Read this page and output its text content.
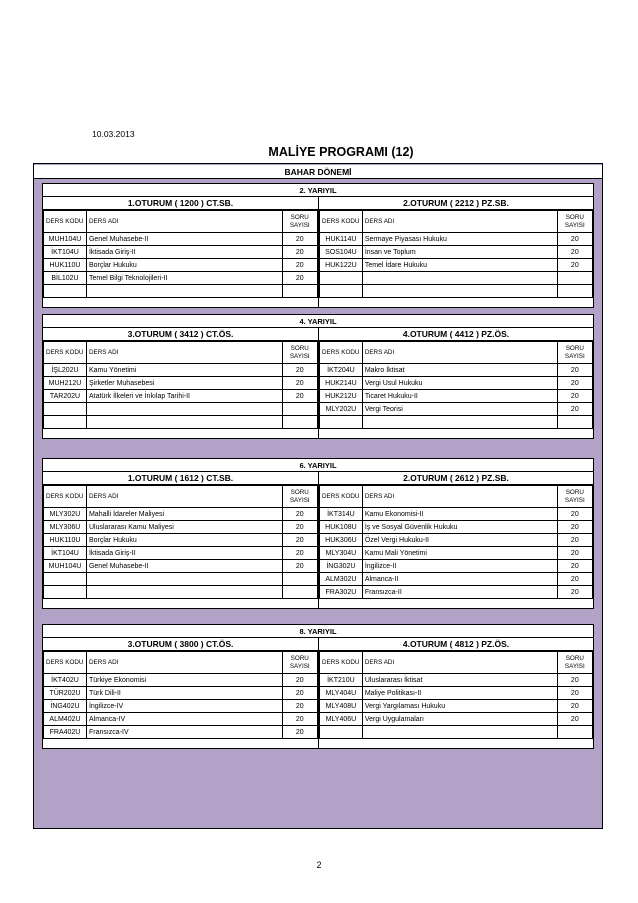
10.03.2013
MALİYE PROGRAMI (12)
BAHAR DÖNEMİ
2. YARIYIL
1.OTURUM ( 1200 ) CT.SB.
DERS KODU	DERS ADI	SORU
SAYISI

MUH104U	Genel Muhasebe-II	20
İKT104U	İktisada Giriş-II	20
HUK110U	Borçlar Hukuku	20
BİL102U	Temel Bilgi Teknolojileri-II	20

2.OTURUM ( 2212 ) PZ.SB.
DERS KODU	DERS ADI	SORU
SAYISI

HUK114U	Sermaye Piyasası Hukuku	20
SOS104U	İnsan ve Toplum	20
HUK122U	Temel İdare Hukuku	20

4. YARIYIL
3.OTURUM ( 3412 ) CT.ÖS.
DERS KODU	DERS ADI	SORU
SAYISI

İŞL202U	Kamu Yönetimi	20
MUH212U	Şirketler Muhasebesi	20
TAR202U	Atatürk İlkeleri ve İnkılap Tarihi-II	20

4.OTURUM ( 4412 ) PZ.ÖS.
DERS KODU	DERS ADI	SORU
SAYISI

İKT204U	Makro İktisat	20
HUK214U	Vergi Usul Hukuku	20
HUK212U	Ticaret Hukuku-II	20
MLY202U	Vergi Teorisi	20

6. YARIYIL
1.OTURUM ( 1612 ) CT.SB.
DERS KODU	DERS ADI	SORU
SAYISI

MLY302U	Mahalli İdareler Maliyesi	20
MLY306U	Uluslararası Kamu Maliyesi	20
HUK110U	Borçlar Hukuku	20
İKT104U	İktisada Giriş-II	20
MUH104U	Genel Muhasebe-II	20

2.OTURUM ( 2612 ) PZ.SB.
DERS KODU	DERS ADI	SORU
SAYISI

İKT314U	Kamu Ekonomisi-II	20
HUK108U	İş ve Sosyal Güvenlik Hukuku	20
HUK306U	Özel Vergi Hukuku-II	20
MLY304U	Kamu Mali Yönetimi	20
İNG302U	İngilizce-II	20
ALM302U	Almanca-II	20
FRA302U	Fransızca-II	20
8. YARIYIL
3.OTURUM ( 3800 ) CT.ÖS.
DERS KODU	DERS ADI	SORU
SAYISI

İKT402U	Türkiye Ekonomisi	20
TÜR202U	Türk Dili-II	20
İNG402U	İngilizce-IV	20
ALM402U	Almanca-IV	20
FRA402U	Fransızca-IV	20
4.OTURUM ( 4812 ) PZ.ÖS.
DERS KODU	DERS ADI	SORU
SAYISI

İKT210U	Uluslararası İktisat	20
MLY404U	Maliye Politikası-II	20
MLY408U	Vergi Yargılaması Hukuku	20
MLY406U	Vergi Uygulamaları	20

2
